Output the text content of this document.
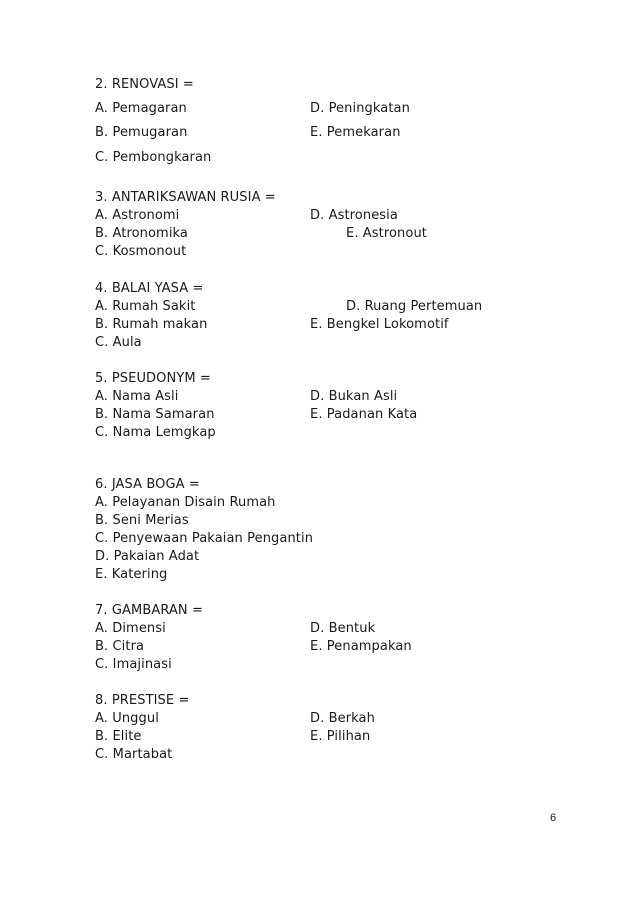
2. RENOVASI =
A. Pemagaran	D. Peningkatan
B. Pemugaran	E. Pemekaran
C. Pembongkaran
3. ANTARIKSAWAN RUSIA =
A. Astronomi	D. Astronesia
B. Atronomika	E. Astronout
C. Kosmonout
4. BALAI YASA =
A. Rumah Sakit	D. Ruang Pertemuan
B. Rumah makan	E. Bengkel Lokomotif
C. Aula
5. PSEUDONYM =
A. Nama Asli	D. Bukan Asli
B. Nama Samaran	E. Padanan Kata
C. Nama Lemgkap
6. JASA BOGA =
A. Pelayanan Disain Rumah
B. Seni Merias
C. Penyewaan Pakaian Pengantin
D. Pakaian Adat
E. Katering
7. GAMBARAN =
A. Dimensi	D. Bentuk
B. Citra	E. Penampakan
C. Imajinasi
8. PRESTISE =
A. Unggul	D. Berkah
B. Elite	E. Pilihan
C. Martabat
6
